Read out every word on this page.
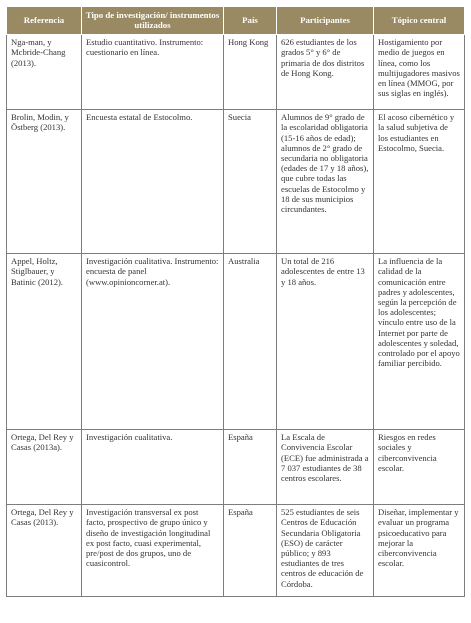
Referencia	Tipo de investigación/ instrumentos utilizados	País	Participantes	Tópico central
Nga-man, y Mcbride-Chang (2013).	Estudio cuantitativo. Instrumento: cuestionario en línea.	Hong Kong	626 estudiantes de los grados 5° y 6° de primaria de dos distritos de Hong Kong.	Hostigamiento por medio de juegos en línea, como los multijugadores masivos en línea (MMOG, por sus siglas en inglés).
Brolin, Modin, y Östberg (2013).	Encuesta estatal de Estocolmo.	Suecia	Alumnos de 9° grado de la escolaridad obligatoria (15-16 años de edad); alumnos de 2° grado de secundaria no obligatoria (edades de 17 y 18 años), que cubre todas las escuelas de Estocolmo y 18 de sus municipios circundantes.	El acoso cibernético y la salud subjetiva de los estudiantes en Estocolmo, Suecia.
Appel, Holtz, Stiglbauer, y Batinic (2012).	Investigación cualitativa. Instrumento: encuesta de panel (www.opinioncorner.at).	Australia	Un total de 216 adolescentes de entre 13 y 18 años.	La influencia de la calidad de la comunicación entre padres y adolescentes, según la percepción de los adolescentes; vínculo entre uso de la Internet por parte de adolescentes y soledad, controlado por el apoyo familiar percibido.
Ortega, Del Rey y Casas (2013a).	Investigación cualitativa.	España	La Escala de Convivencia Escolar (ECE) fue administrada a 7 037 estudiantes de 38 centros escolares.	Riesgos en redes sociales y ciberconvivencia escolar.
Ortega, Del Rey y Casas (2013).	Investigación transversal ex post facto, prospectivo de grupo único y diseño de investigación longitudinal ex post facto, cuasi experimental, pre/post de dos grupos, uno de cuasicontrol.	España	525 estudiantes de seis Centros de Educación Secundaria Obligatoria (ESO) de carácter público; y 893 estudiantes de tres centros de educación de Córdoba.	Diseñar, implementar y evaluar un programa psicoeducativo para mejorar la ciberconvivencia escolar.
